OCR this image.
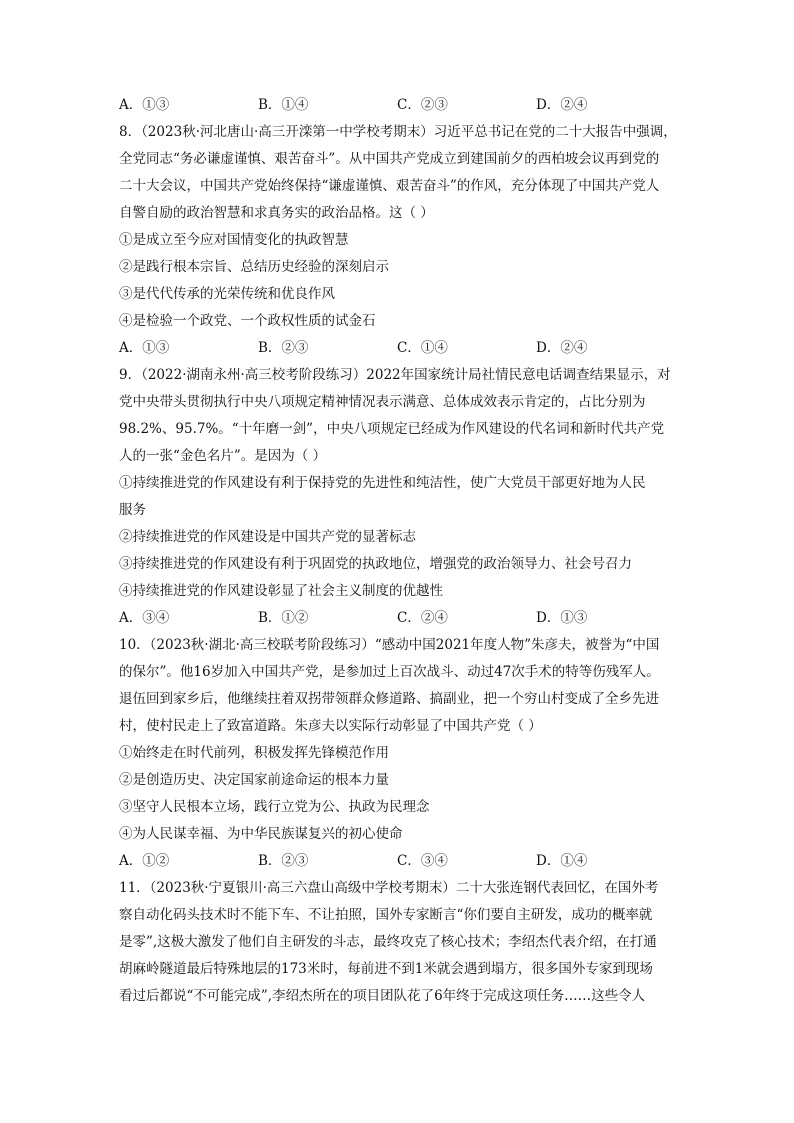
A．①③	B．①④	C．②③	D．②④
8．（2023秋·河北唐山·高三开滦第一中学校考期末）习近平总书记在党的二十大报告中强调，
全党同志“务必谦虚谨慎、艰苦奋斗”。从中国共产党成立到建国前夕的西柏坡会议再到党的
二十大会议，中国共产党始终保持“谦虚谨慎、艰苦奋斗”的作风，充分体现了中国共产党人
自警自励的政治智慧和求真务实的政治品格。这（ ）
①是成立至今应对国情变化的执政智慧
②是践行根本宗旨、总结历史经验的深刻启示
③是代代传承的光荣传统和优良作风
④是检验一个政党、一个政权性质的试金石
A．①③	B．②③	C．①④	D．②④
9．（2022·湖南永州·高三校考阶段练习）2022年国家统计局社情民意电话调查结果显示，对
党中央带头贯彻执行中央八项规定精神情况表示满意、总体成效表示肯定的，占比分别为
98.2%、95.7%。“十年磨一剑”，中央八项规定已经成为作风建设的代名词和新时代共产党
人的一张“金色名片”。是因为（ ）
①持续推进党的作风建设有利于保持党的先进性和纯洁性，使广大党员干部更好地为人民
服务
②持续推进党的作风建设是中国共产党的显著标志
③持续推进党的作风建设有利于巩固党的执政地位，增强党的政治领导力、社会号召力
④持续推进党的作风建设彰显了社会主义制度的优越性
A．③④	B．①②	C．②④	D．①③
10．（2023秋·湖北·高三校联考阶段练习）“感动中国2021年度人物”朱彦夫，被誉为“中国
的保尔”。他16岁加入中国共产党，是参加过上百次战斗、动过47次手术的特等伤残军人。
退伍回到家乡后，他继续拄着双拐带领群众修道路、搞副业，把一个穷山村变成了全乡先进
村，使村民走上了致富道路。朱彦夫以实际行动彰显了中国共产党（ ）
①始终走在时代前列，积极发挥先锋模范作用
②是创造历史、决定国家前途命运的根本力量
③坚守人民根本立场，践行立党为公、执政为民理念
④为人民谋幸福、为中华民族谋复兴的初心使命
A．①②	B．②③	C．③④	D．①④
11．（2023秋·宁夏银川·高三六盘山高级中学校考期末）二十大张连钢代表回忆，在国外考
察自动化码头技术时不能下车、不让拍照，国外专家断言“你们要自主研发，成功的概率就
是零”,这极大激发了他们自主研发的斗志，最终攻克了核心技术；李绍杰代表介绍，在打通
胡麻岭隧道最后特殊地层的173米时，每前进不到1米就会遇到塌方，很多国外专家到现场
看过后都说“不可能完成”,李绍杰所在的项目团队花了6年终于完成这项任务……这些令人
